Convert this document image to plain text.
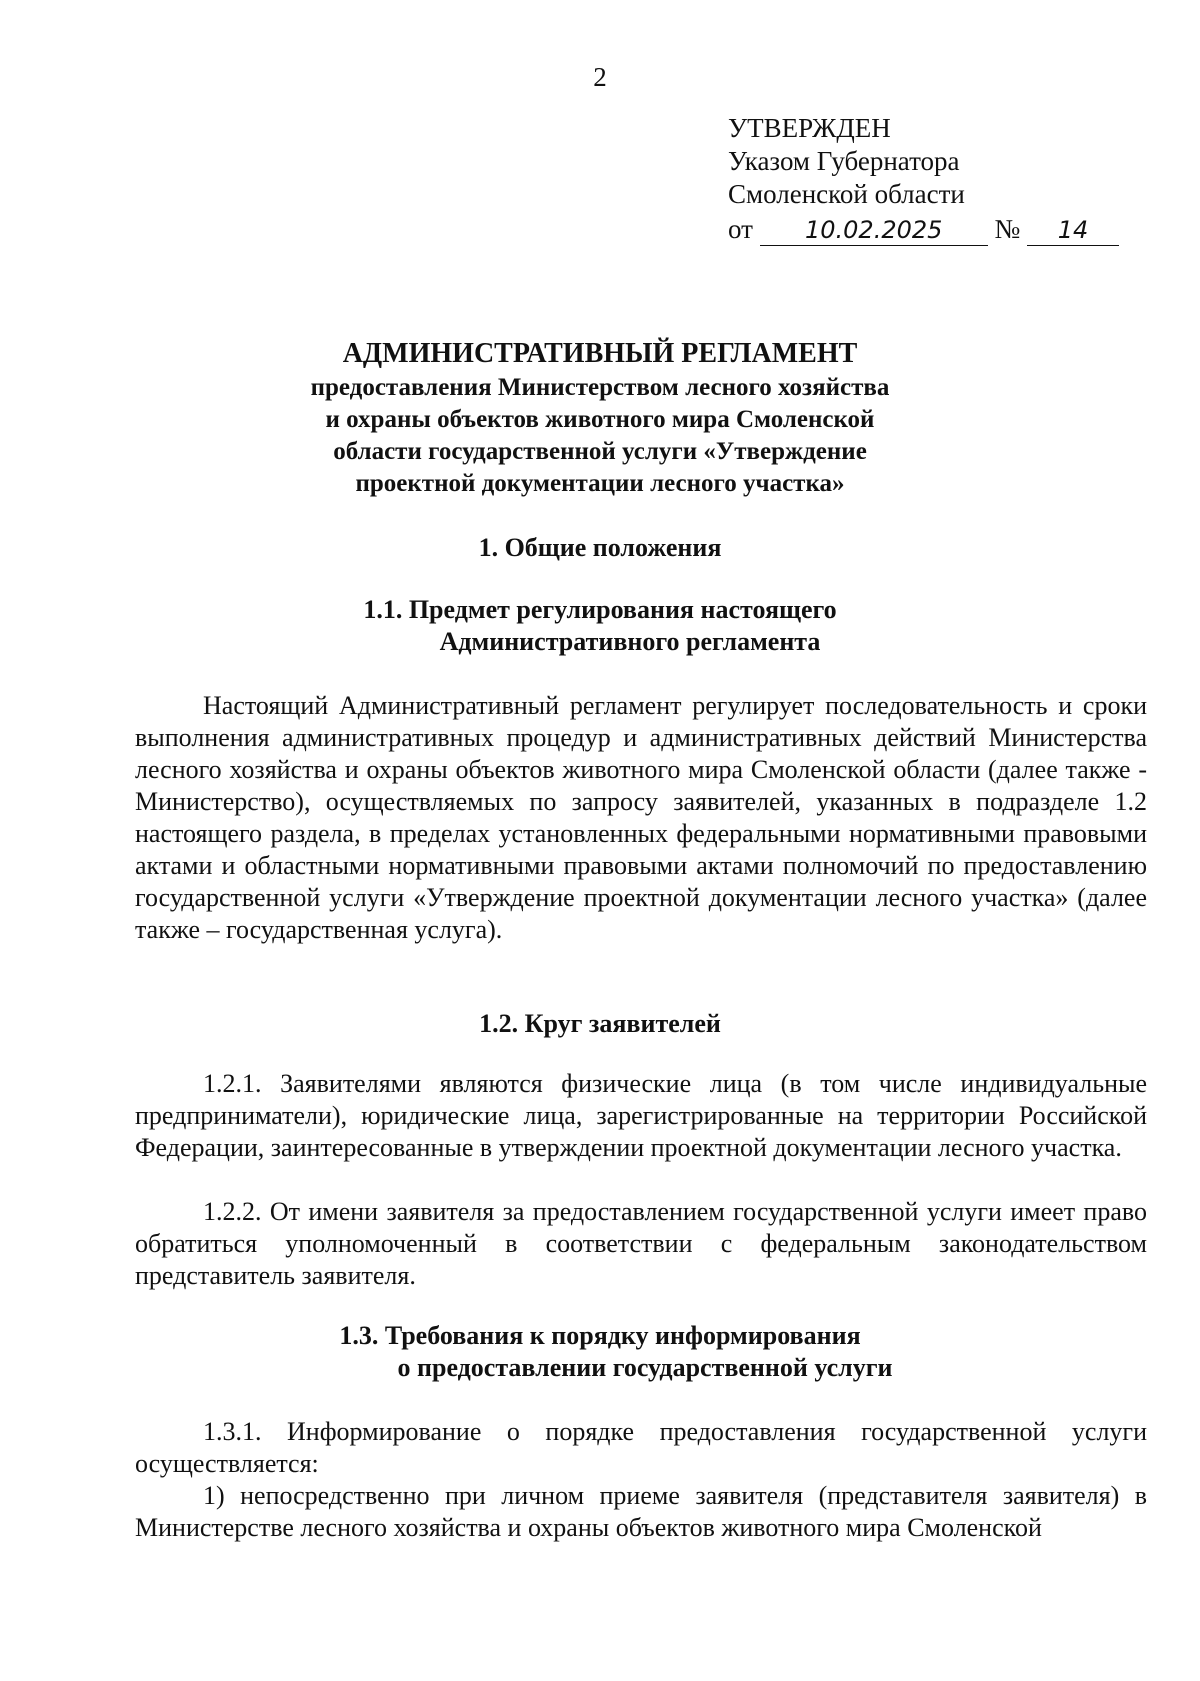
2
УТВЕРЖДЕН
Указом Губернатора
Смоленской области
от 10.02.2025 № 14
АДМИНИСТРАТИВНЫЙ РЕГЛАМЕНТ
предоставления Министерством лесного хозяйства
и охраны объектов животного мира Смоленской
области государственной услуги «Утверждение
проектной документации лесного участка»
1. Общие положения
1.1. Предмет регулирования настоящего
Административного регламента
Настоящий Административный регламент регулирует последовательность и сроки выполнения административных процедур и административных действий Министерства лесного хозяйства и охраны объектов животного мира Смоленской области (далее также - Министерство), осуществляемых по запросу заявителей, указанных в подразделе 1.2 настоящего раздела, в пределах установленных федеральными нормативными правовыми актами и областными нормативными правовыми актами полномочий по предоставлению государственной услуги «Утверждение проектной документации лесного участка» (далее также – государственная услуга).
1.2. Круг заявителей
1.2.1. Заявителями являются физические лица (в том числе индивидуальные предприниматели), юридические лица, зарегистрированные на территории Российской Федерации, заинтересованные в утверждении проектной документации лесного участка.
1.2.2. От имени заявителя за предоставлением государственной услуги имеет право обратиться уполномоченный в соответствии с федеральным законодательством представитель заявителя.
1.3. Требования к порядку информирования
о предоставлении государственной услуги
1.3.1. Информирование о порядке предоставления государственной услуги осуществляется:
1) непосредственно при личном приеме заявителя (представителя заявителя) в Министерстве лесного хозяйства и охраны объектов животного мира Смоленской
